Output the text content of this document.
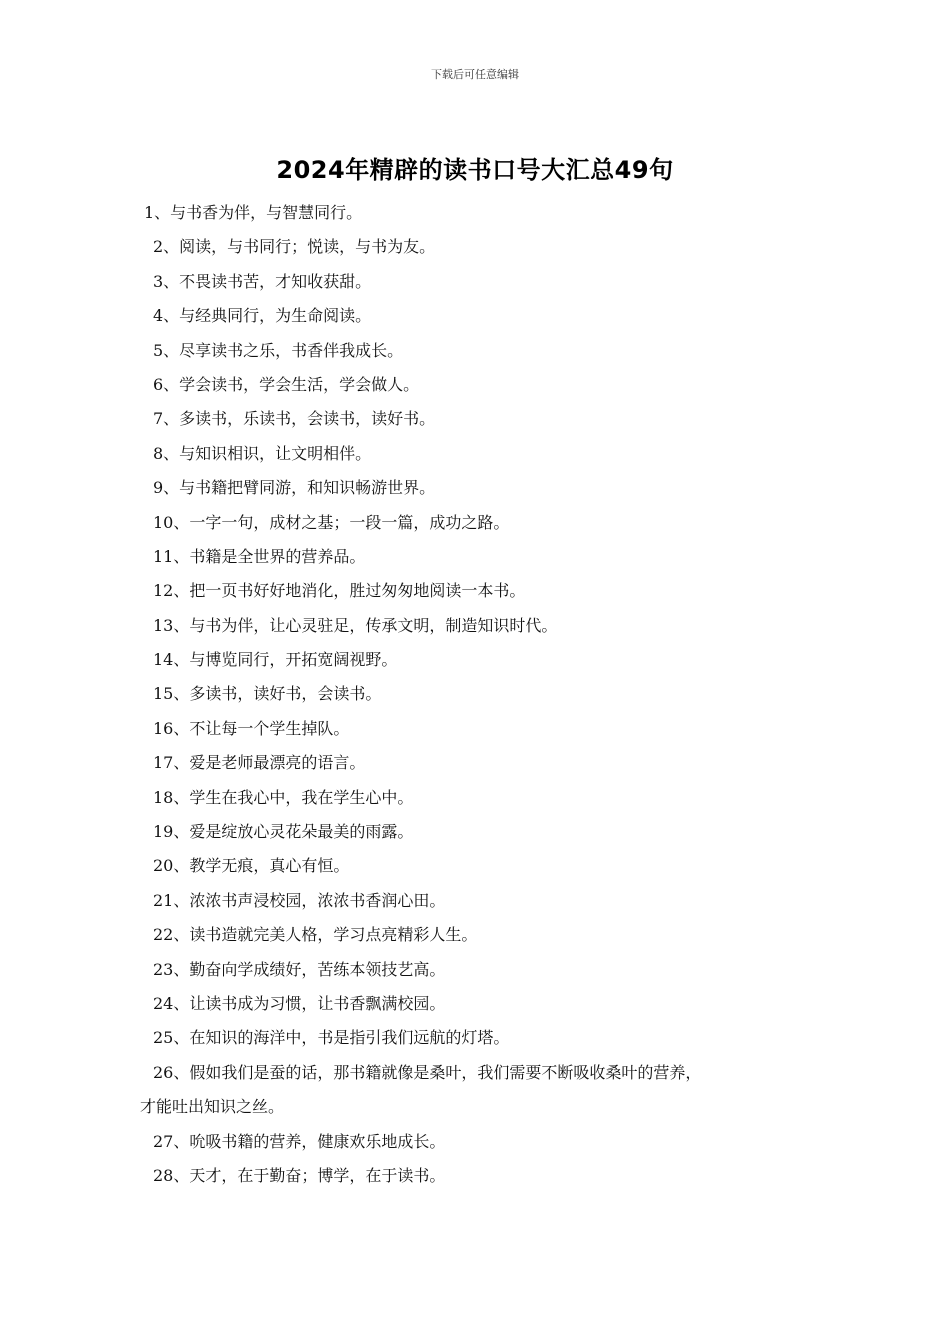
下载后可任意编辑
2024年精辟的读书口号大汇总49句
1、与书香为伴，与智慧同行。
2、阅读，与书同行；悦读，与书为友。
3、不畏读书苦，才知收获甜。
4、与经典同行，为生命阅读。
5、尽享读书之乐，书香伴我成长。
6、学会读书，学会生活，学会做人。
7、多读书，乐读书，会读书，读好书。
8、与知识相识，让文明相伴。
9、与书籍把臂同游，和知识畅游世界。
10、一字一句，成材之基；一段一篇，成功之路。
11、书籍是全世界的营养品。
12、把一页书好好地消化，胜过匆匆地阅读一本书。
13、与书为伴，让心灵驻足，传承文明，制造知识时代。
14、与博览同行，开拓宽阔视野。
15、多读书，读好书，会读书。
16、不让每一个学生掉队。
17、爱是老师最漂亮的语言。
18、学生在我心中，我在学生心中。
19、爱是绽放心灵花朵最美的雨露。
20、教学无痕，真心有恒。
21、浓浓书声浸校园，浓浓书香润心田。
22、读书造就完美人格，学习点亮精彩人生。
23、勤奋向学成绩好，苦练本领技艺高。
24、让读书成为习惯，让书香飘满校园。
25、在知识的海洋中，书是指引我们远航的灯塔。
26、假如我们是蚕的话，那书籍就像是桑叶，我们需要不断吸收桑叶的营养，
才能吐出知识之丝。
27、吮吸书籍的营养，健康欢乐地成长。
28、天才，在于勤奋；博学，在于读书。
